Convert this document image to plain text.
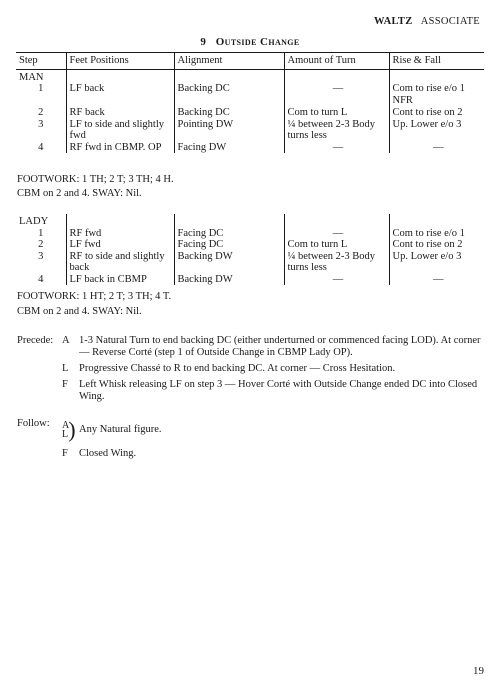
WALTZ ASSOCIATE
9 Outside Change
Step	Feet Positions	Alignment	Amount of Turn	Rise & Fall
MAN				
1	LF back	Backing DC	—	Com to rise e/o 1 NFR
2	RF back	Backing DC	Com to turn L	Cont to rise on 2
3	LF to side and slightly fwd	Pointing DW	¼ between 2-3 Body turns less	Up. Lower e/o 3
4	RF fwd in CBMP. OP	Facing DW	—	—
FOOTWORK: 1 TH; 2 T; 3 TH; 4 H.
CBM on 2 and 4. SWAY: Nil.
LADY				
1	RF fwd	Facing DC	—	Com to rise e/o 1
2	LF fwd	Facing DC	Com to turn L	Cont to rise on 2
3	RF to side and slightly back	Backing DW	¼ between 2-3 Body turns less	Up. Lower e/o 3
4	LF back in CBMP	Backing DW	—	—
FOOTWORK: 1 HT; 2 T; 3 TH; 4 T.
CBM on 2 and 4. SWAY: Nil.
Precede: A 1-3 Natural Turn to end backing DC (either underturned or commenced facing LOD). At corner — Reverse Corté (step 1 of Outside Change in CBMP Lady OP).
L Progressive Chassé to R to end backing DC. At corner — Cross Hesitation.
F Left Whisk releasing LF on step 3 — Hover Corté with Outside Change ended DC into Closed Wing.
Follow: A
L) Any Natural figure.
F Closed Wing.
19
